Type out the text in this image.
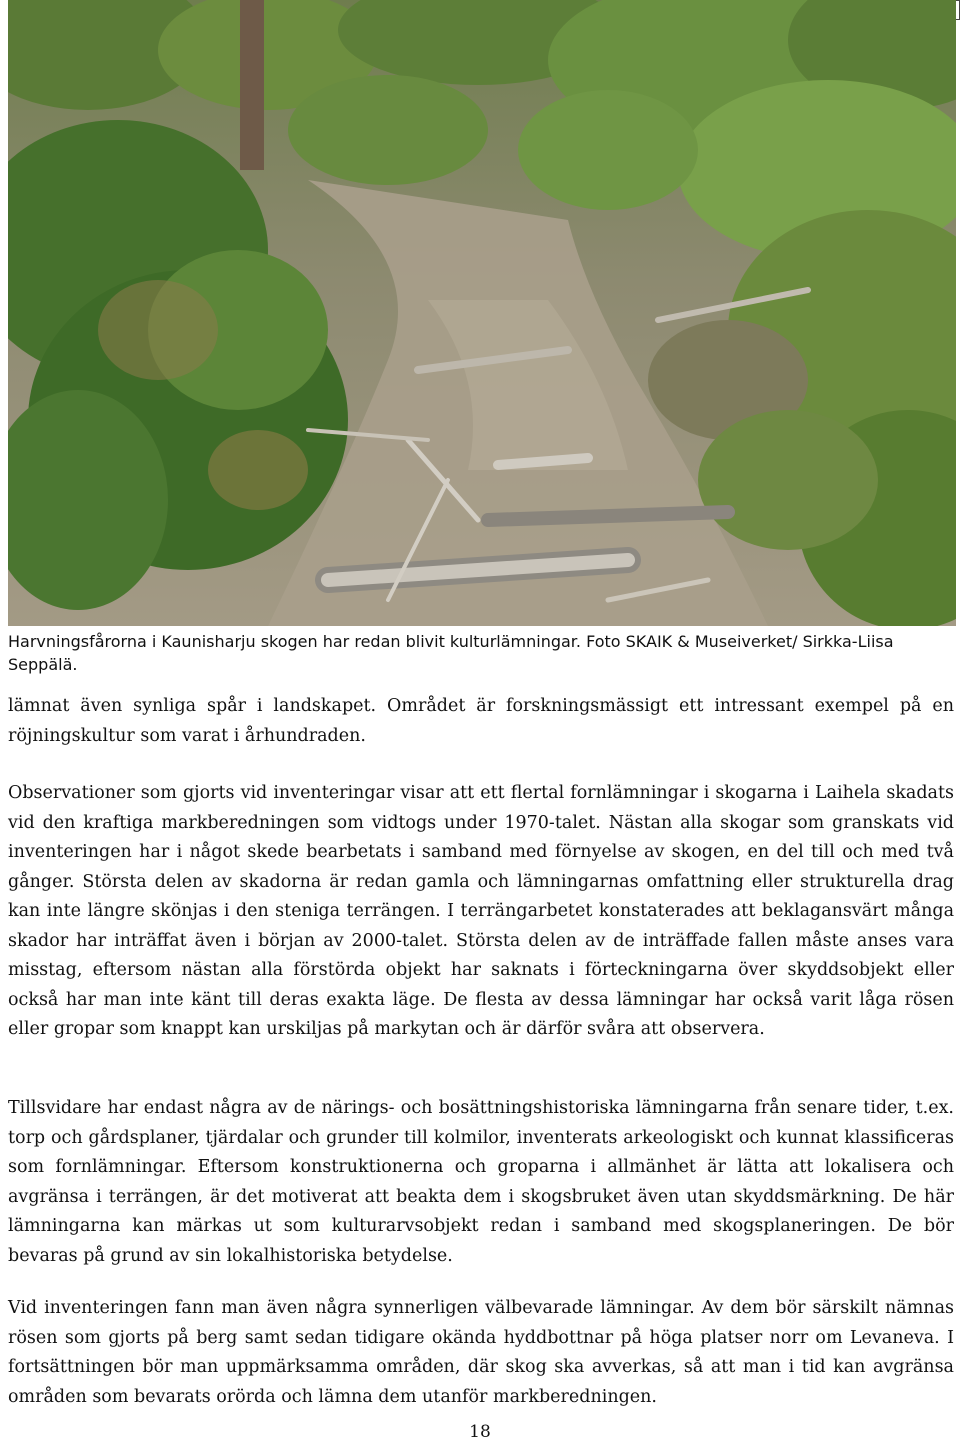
Harvningsfårorna i Kaunisharju skogen har redan blivit kulturlämningar. Foto SKAIK & Museiverket/ Sirkka-Liisa Seppälä.

lämnat även synliga spår i landskapet. Området är forskningsmässigt ett intressant exempel på en röjningskultur som varat i århundraden.

Observationer som gjorts vid inventeringar visar att ett flertal fornlämningar i skogarna i Laihela skadats vid den kraftiga markberedningen som vidtogs under 1970-talet. Nästan alla skogar som granskats vid inventeringen har i något skede bearbetats i samband med förnyelse av skogen, en del till och med två gånger. Största delen av skadorna är redan gamla och lämningarnas omfattning eller strukturella drag kan inte längre skönjas i den steniga terrängen. I terrängarbetet konstaterades att beklagansvärt många skador har inträffat även i början av 2000-talet. Största delen av de inträffade fallen måste anses vara misstag, eftersom nästan alla förstörda objekt har saknats i förteckningarna över skyddsobjekt eller också har man inte känt till deras exakta läge. De flesta av dessa lämningar har också varit låga rösen eller gropar som knappt kan urskiljas på markytan och är därför svåra att observera.

Tillsvidare har endast några av de närings- och bosättningshistoriska lämningarna från senare tider, t.ex. torp och gårdsplaner, tjärdalar och grunder till kolmilor, inventerats arkeologiskt och kunnat klassificeras som fornlämningar. Eftersom konstruktionerna och groparna i allmänhet är lätta att lokalisera och avgränsa i terrängen, är det motiverat att beakta dem i skogsbruket även utan skyddsmärkning. De här lämningarna kan märkas ut som kulturarvsobjekt redan i samband med skogsplaneringen. De bör bevaras på grund av sin lokalhistoriska betydelse.

Vid inventeringen fann man även några synnerligen välbevarade lämningar. Av dem bör särskilt nämnas rösen som gjorts på berg samt sedan tidigare okända hyddbottnar på höga platser norr om Levaneva. I fortsättningen bör man uppmärksamma områden, där skog ska avverkas, så att man i tid kan avgränsa områden som bevarats orörda och lämna dem utanför markberedningen.

18
